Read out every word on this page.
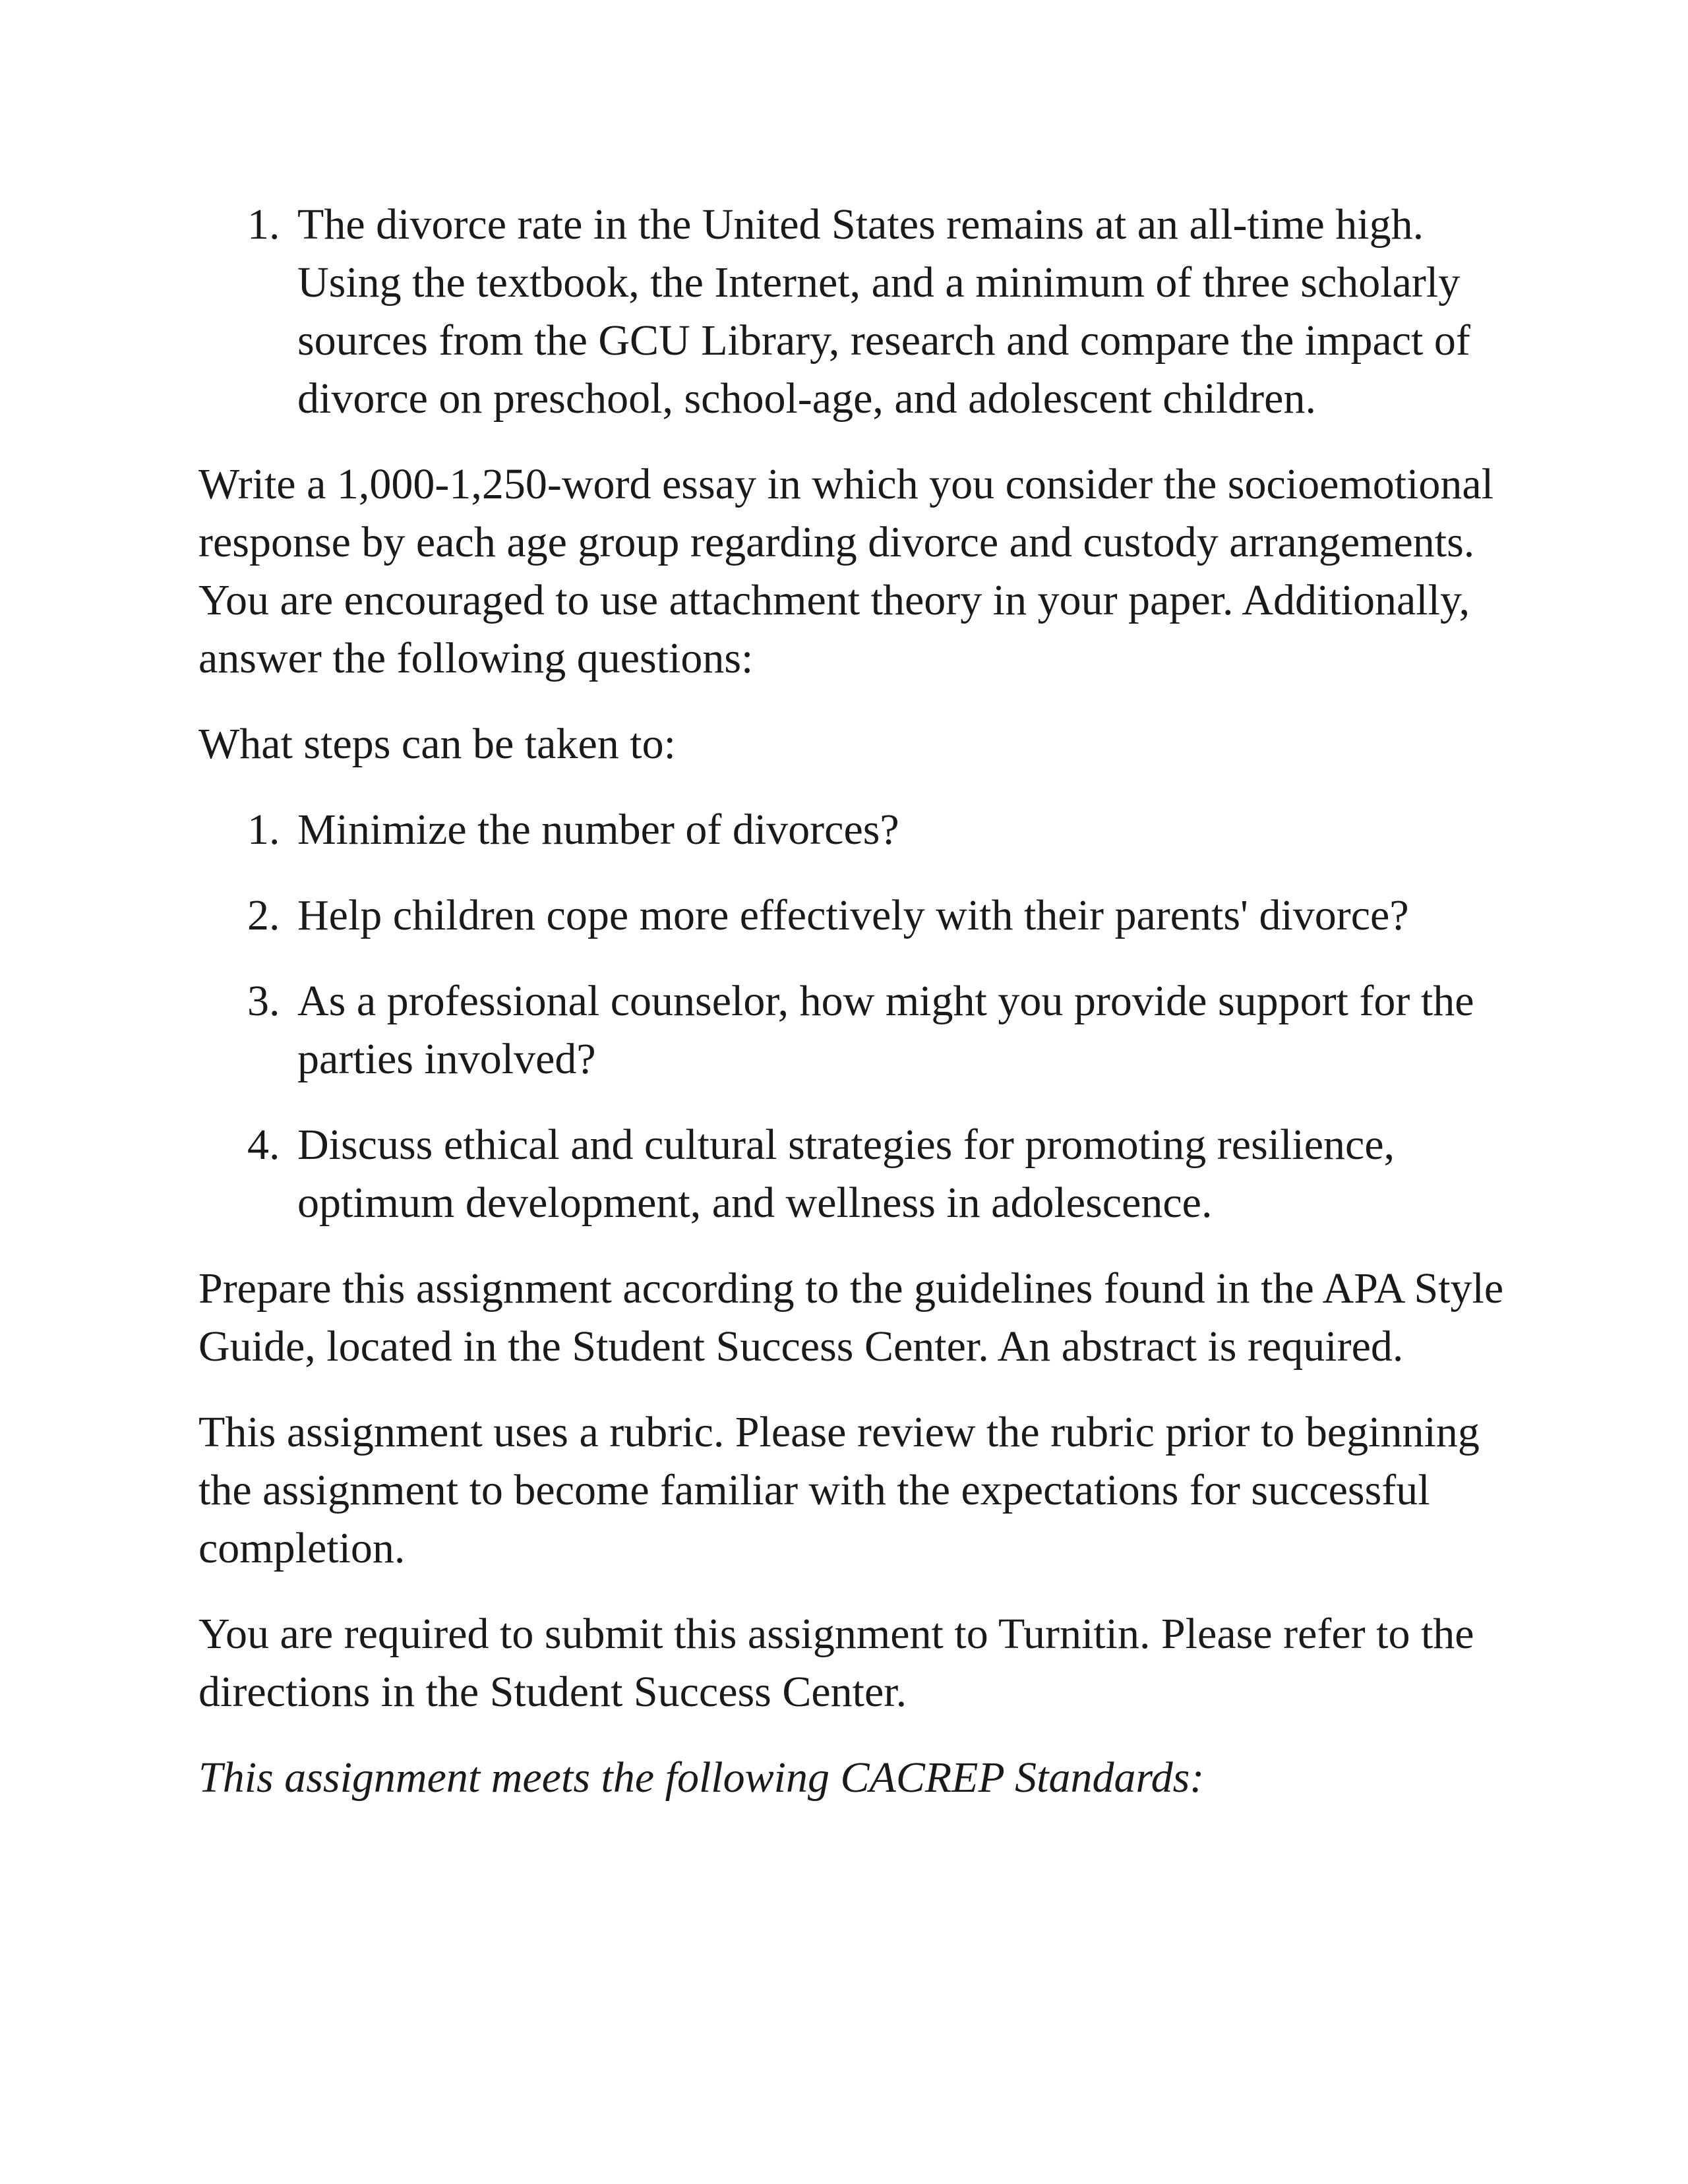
1. The divorce rate in the United States remains at an all-time high. Using the textbook, the Internet, and a minimum of three scholarly sources from the GCU Library, research and compare the impact of divorce on preschool, school-age, and adolescent children.

Write a 1,000-1,250-word essay in which you consider the socioemotional response by each age group regarding divorce and custody arrangements. You are encouraged to use attachment theory in your paper. Additionally, answer the following questions:

What steps can be taken to:

1. Minimize the number of divorces?
2. Help children cope more effectively with their parents' divorce?
3. As a professional counselor, how might you provide support for the parties involved?
4. Discuss ethical and cultural strategies for promoting resilience, optimum development, and wellness in adolescence.

Prepare this assignment according to the guidelines found in the APA Style Guide, located in the Student Success Center. An abstract is required.

This assignment uses a rubric. Please review the rubric prior to beginning the assignment to become familiar with the expectations for successful completion.

You are required to submit this assignment to Turnitin. Please refer to the directions in the Student Success Center.

This assignment meets the following CACREP Standards:
